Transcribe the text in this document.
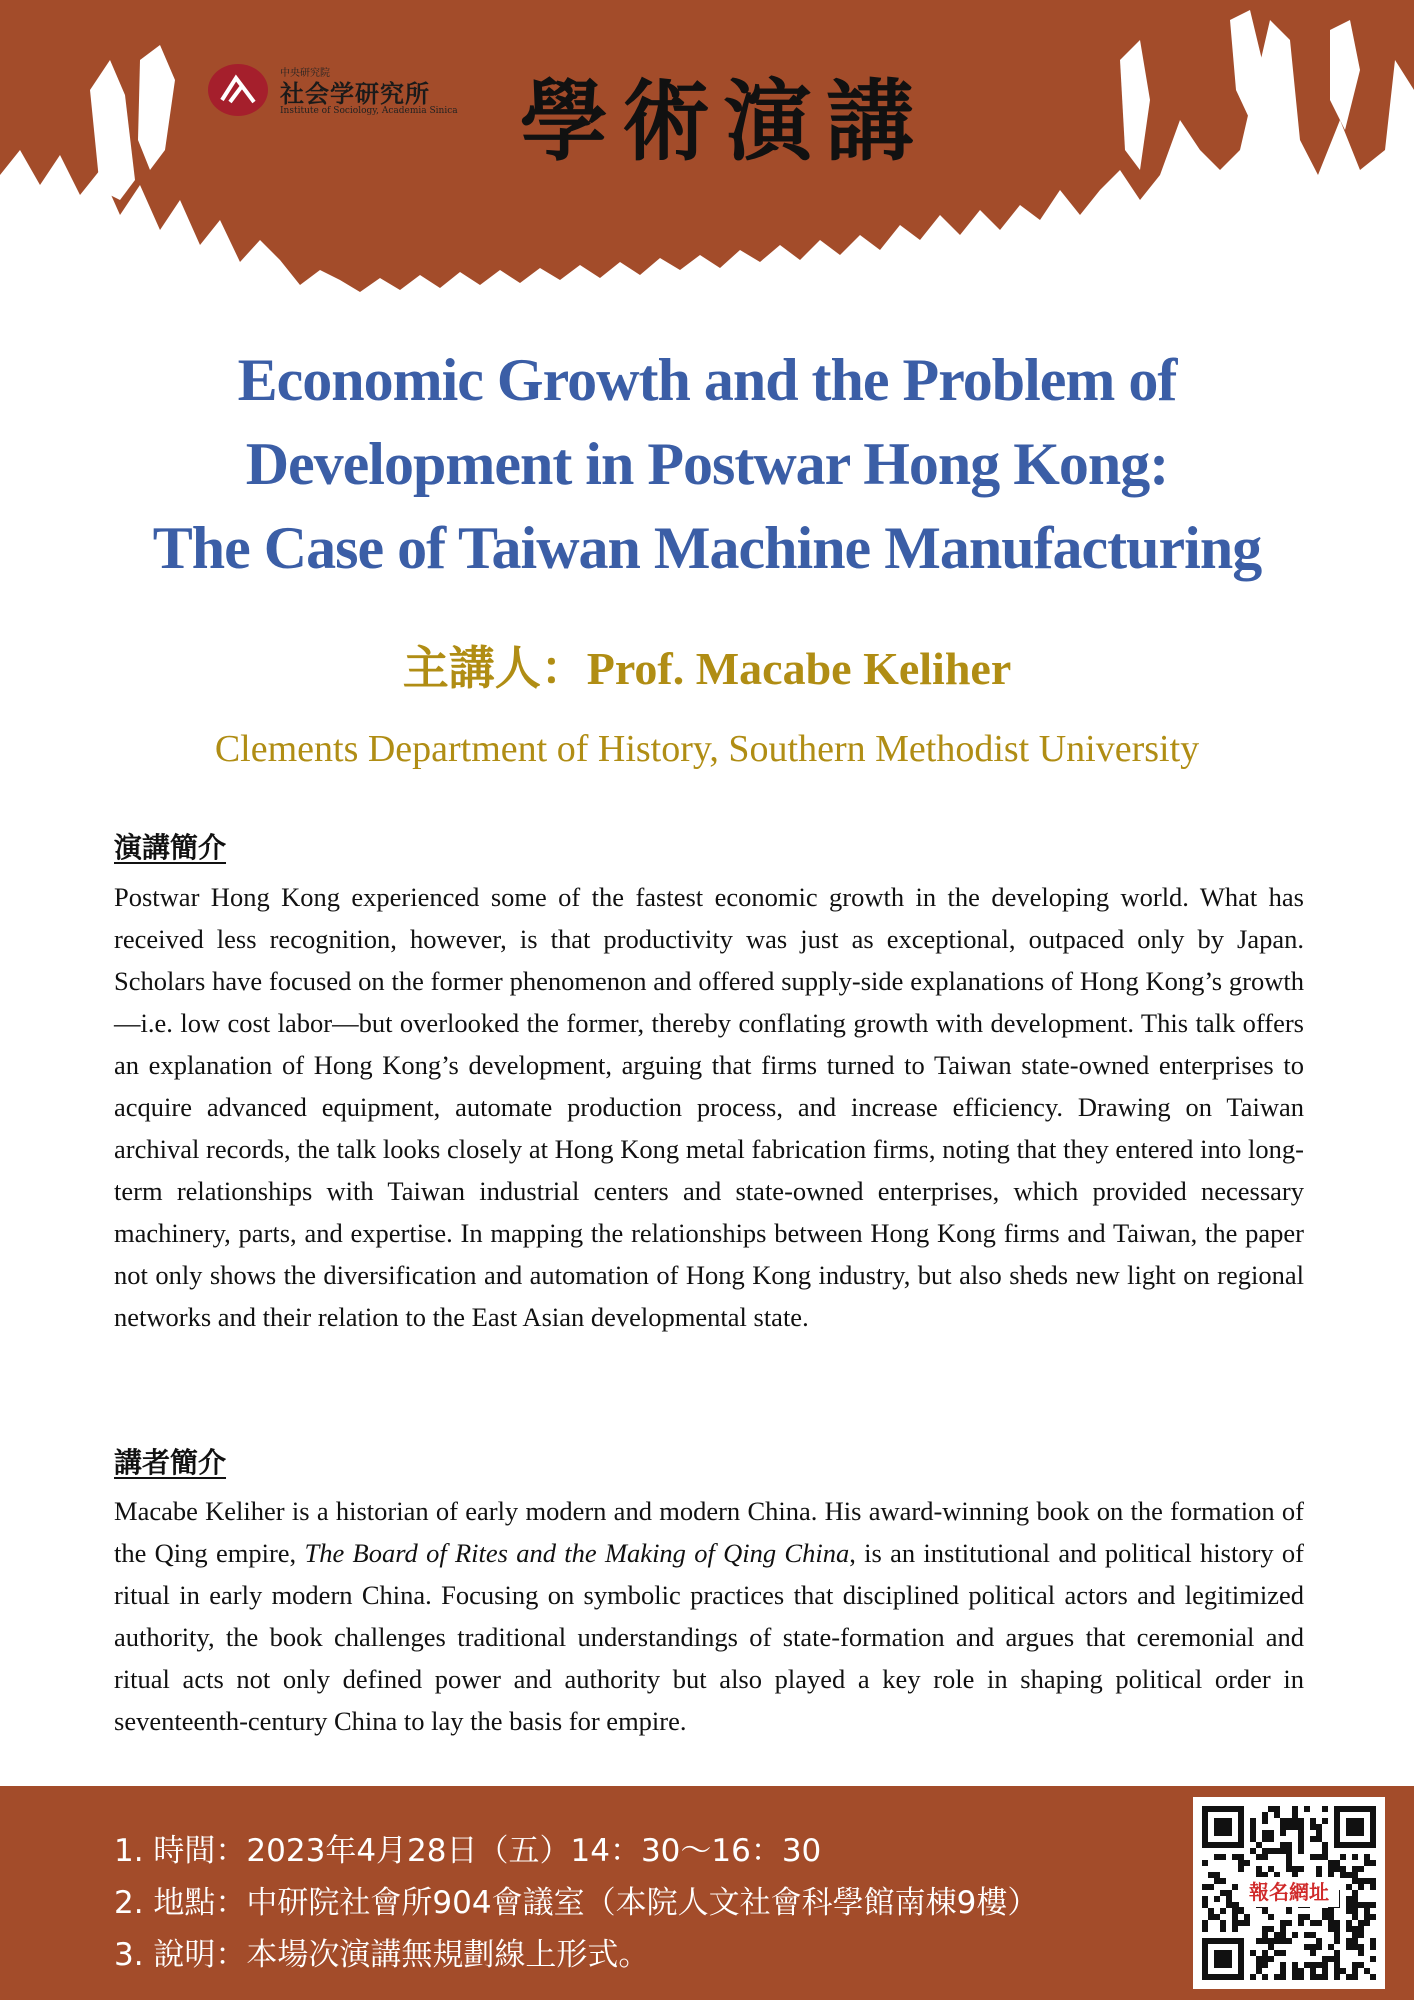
中央研究院
社会学研究所
Institute of Sociology, Academia Sinica 學術演講
Economic Growth and the Problem of
Development in Postwar Hong Kong:
The Case of Taiwan Machine Manufacturing
主講人：Prof. Macabe Keliher
Clements Department of History, Southern Methodist University
演講簡介
Postwar Hong Kong experienced some of the fastest economic growth in the developing world. What has received less recognition, however, is that productivity was just as exceptional, outpaced only by Japan. Scholars have focused on the former phenomenon and offered supply-side explanations of Hong Kong’s growth—i.e. low cost labor—but overlooked the former, thereby conflating growth with development. This talk offers an explanation of Hong Kong’s development, arguing that firms turned to Taiwan state-owned enterprises to acquire advanced equipment, automate production process, and increase efficiency. Drawing on Taiwan archival records, the talk looks closely at Hong Kong metal fabrication firms, noting that they entered into long-term relationships with Taiwan industrial centers and state-owned enterprises, which provided necessary machinery, parts, and expertise. In mapping the relationships between Hong Kong firms and Taiwan, the paper not only shows the diversification and automation of Hong Kong industry, but also sheds new light on regional networks and their relation to the East Asian developmental state.
講者簡介
Macabe Keliher is a historian of early modern and modern China. His award-winning book on the formation of the Qing empire, The Board of Rites and the Making of Qing China, is an institutional and political history of ritual in early modern China. Focusing on symbolic practices that disciplined political actors and legitimized authority, the book challenges traditional understandings of state-formation and argues that ceremonial and ritual acts not only defined power and authority but also played a key role in shaping political order in seventeenth-century China to lay the basis for empire.
1. 時間：2023年4月28日（五）14：30～16：30
2. 地點：中研院社會所904會議室（本院人文社會科學館南棟9樓）
3. 說明：本場次演講無規劃線上形式。
報名網址
